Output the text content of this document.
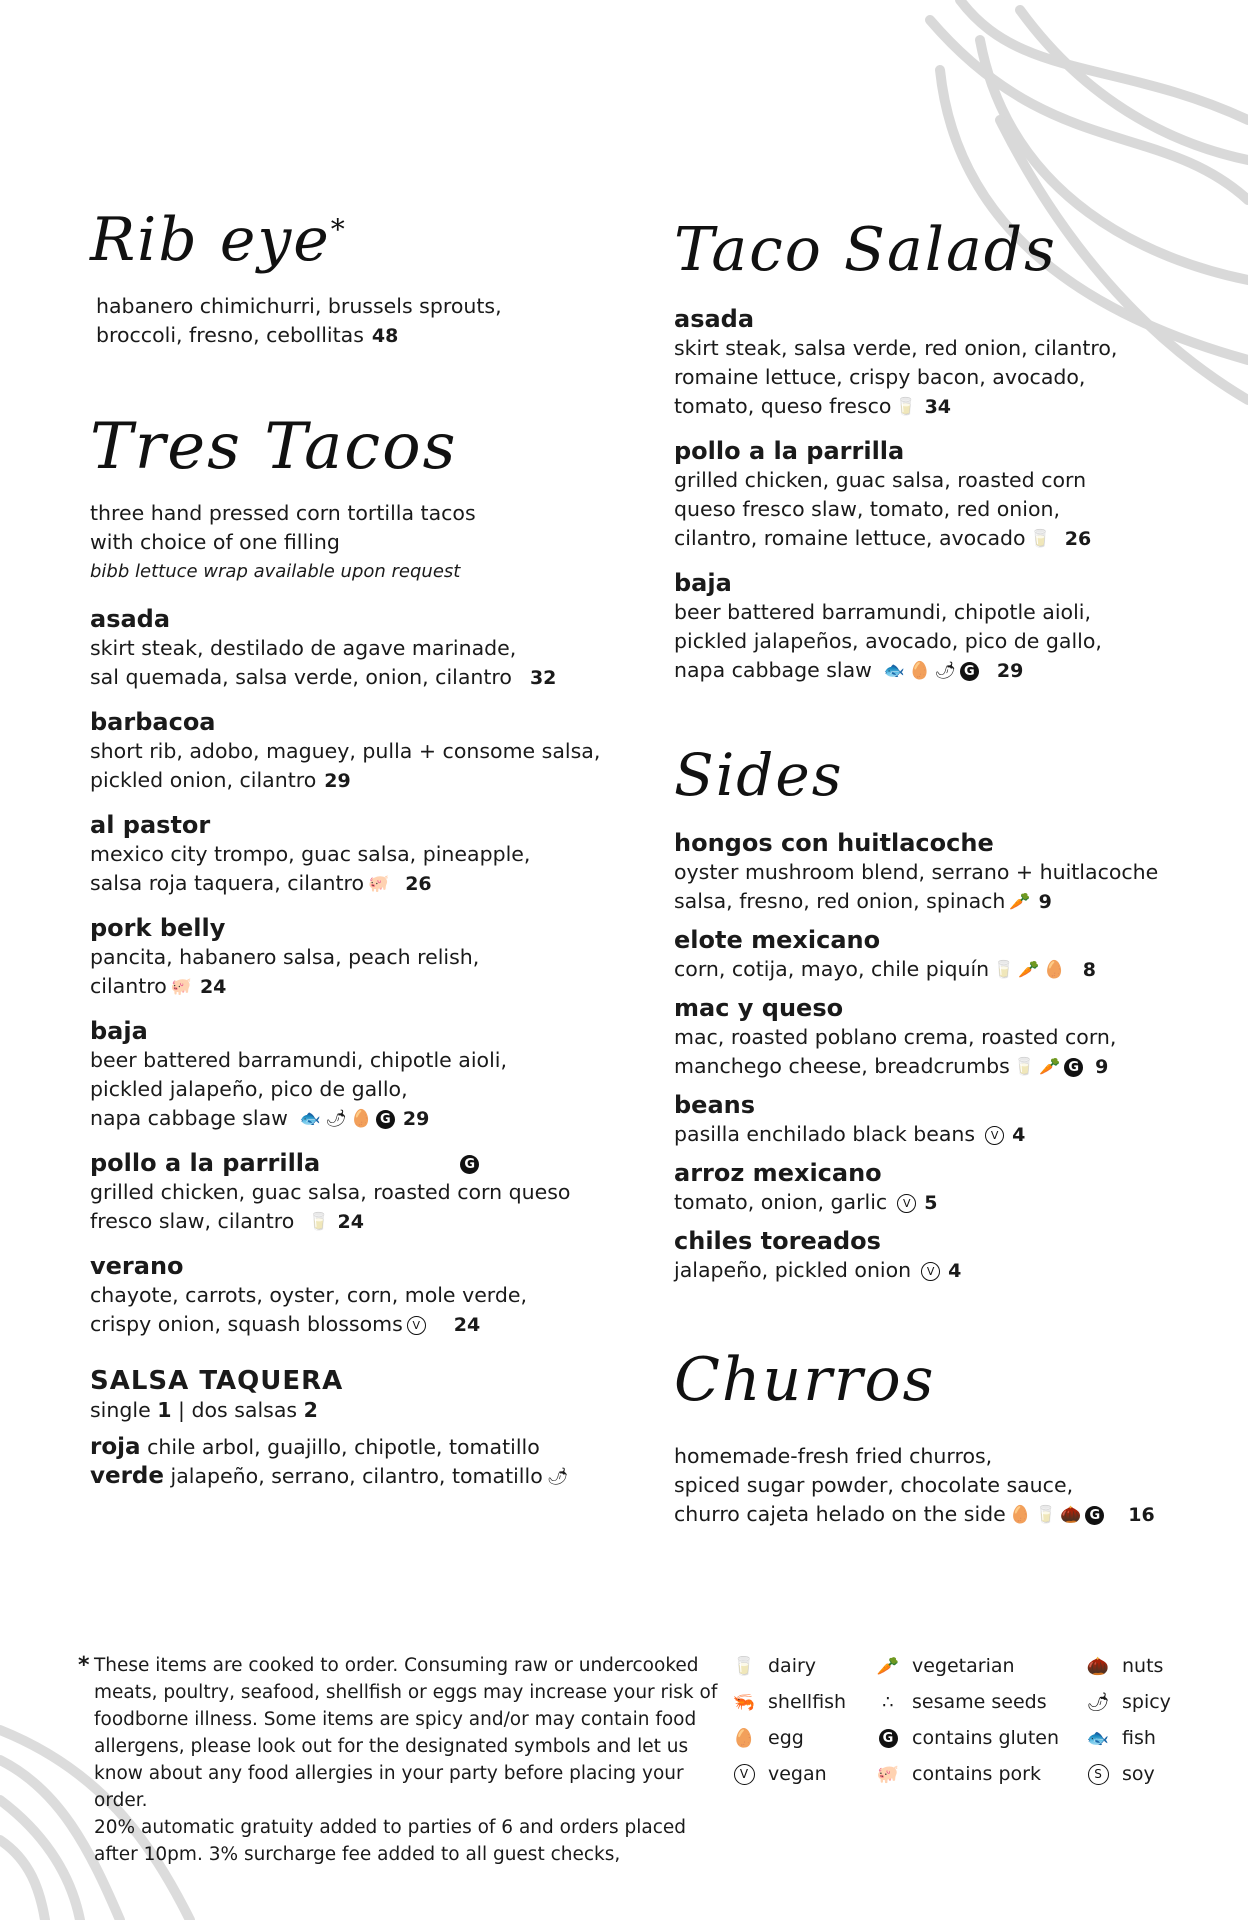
Rib eye*

habanero chimichurri, brussels sprouts,
broccoli, fresno, cebollitas 48

Tres Tacos

three hand pressed corn tortilla tacos
with choice of one filling

bibb lettuce wrap available upon request

asada

skirt steak, destilado de agave marinade,
sal quemada, salsa verde, onion, cilantro 32

barbacoa

short rib, adobo, maguey, pulla + consome salsa,
pickled onion, cilantro 29

al pastor

mexico city trompo, guac salsa, pineapple,
salsa roja taquera, cilantro 🐖 26

pork belly

pancita, habanero salsa, peach relish,
cilantro 🐖 24

baja

beer battered barramundi, chipotle aioli,
pickled jalapeño, pico de gallo,
napa cabbage slaw 🐟 🌶 🥚 G 29

pollo a la parrilla	G

grilled chicken, guac salsa, roasted corn queso
fresco slaw, cilantro 🥛 24

verano

chayote, carrots, oyster, corn, mole verde,
crispy onion, squash blossoms V 24

SALSA TAQUERA

single 1 | dos salsas 2

roja chile arbol, guajillo, chipotle, tomatillo

verde jalapeño, serrano, cilantro, tomatillo 🌶

Taco Salads

asada

skirt steak, salsa verde, red onion, cilantro,
romaine lettuce, crispy bacon, avocado,
tomato, queso fresco 🥛 34

pollo a la parrilla

grilled chicken, guac salsa, roasted corn
queso fresco slaw, tomato, red onion,
cilantro, romaine lettuce, avocado 🥛 26

baja

beer battered barramundi, chipotle aioli,
pickled jalapeños, avocado, pico de gallo,
napa cabbage slaw 🐟 🥚 🌶 G 29

Sides

hongos con huitlacoche

oyster mushroom blend, serrano + huitlacoche
salsa, fresno, red onion, spinach 🥕 9

elote mexicano

corn, cotija, mayo, chile piquín 🥛 🥕 🥚 8

mac y queso

mac, roasted poblano crema, roasted corn,
manchego cheese, breadcrumbs 🥛 🥕 G 9

beans

pasilla enchilado black beans V 4

arroz mexicano

tomato, onion, garlic V 5

chiles toreados

jalapeño, pickled onion V 4

Churros

homemade-fresh fried churros,
spiced sugar powder, chocolate sauce,
churro cajeta helado on the side 🥚 🥛 🌰 G 16

* These items are cooked to order. Consuming raw or undercooked
meats, poultry, seafood, shellfish or eggs may increase your risk of
foodborne illness. Some items are spicy and/or may contain food
allergens, please look out for the designated symbols and let us
know about any food allergies in your party before placing your order.
20% automatic gratuity added to parties of 6 and orders placed
after 10pm. 3% surcharge fee added to all guest checks,
🥛 dairy
🦐 shellfish
🥚 egg
V	vegan
🥕 vegetarian
∴ sesame seeds
G contains gluten
🐖 contains pork
🌰 nuts
🌶 spicy
🐟 fish
S	soy
